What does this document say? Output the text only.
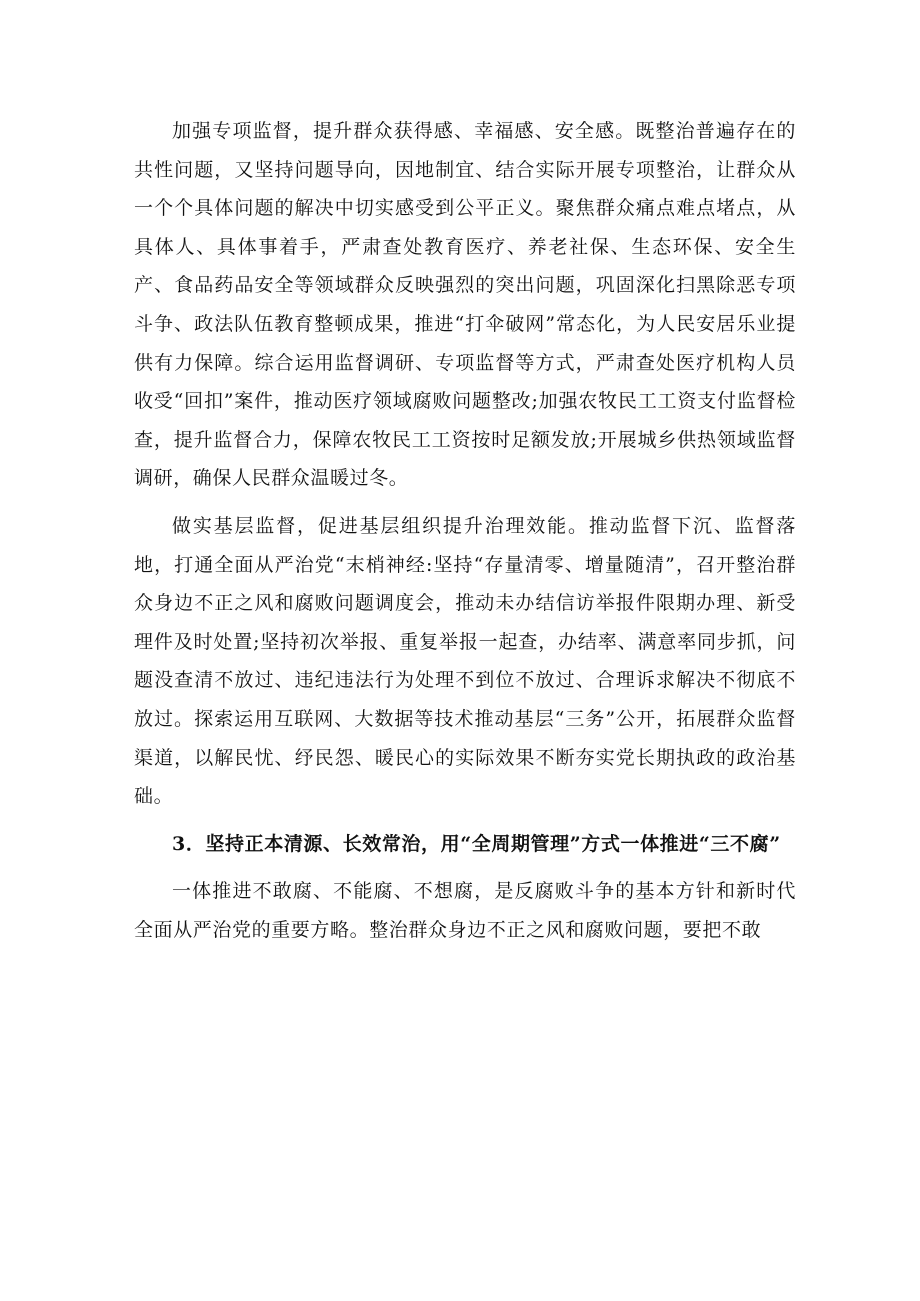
加强专项监督，提升群众获得感、幸福感、安全感。既整治普遍存在的共性问题，又坚持问题导向，因地制宜、结合实际开展专项整治，让群众从一个个具体问题的解决中切实感受到公平正义。聚焦群众痛点难点堵点，从具体人、具体事着手，严肃查处教育医疗、养老社保、生态环保、安全生产、食品药品安全等领域群众反映强烈的突出问题，巩固深化扫黑除恶专项斗争、政法队伍教育整顿成果，推进“打伞破网”常态化，为人民安居乐业提供有力保障。综合运用监督调研、专项监督等方式，严肃查处医疗机构人员收受“回扣”案件，推动医疗领域腐败问题整改;加强农牧民工工资支付监督检查，提升监督合力，保障农牧民工工资按时足额发放;开展城乡供热领域监督调研，确保人民群众温暖过冬。

做实基层监督，促进基层组织提升治理效能。推动监督下沉、监督落地，打通全面从严治党“末梢神经:坚持“存量清零、增量随清”，召开整治群众身边不正之风和腐败问题调度会，推动未办结信访举报件限期办理、新受理件及时处置;坚持初次举报、重复举报一起查，办结率、满意率同步抓，问题没查清不放过、违纪违法行为处理不到位不放过、合理诉求解决不彻底不放过。探索运用互联网、大数据等技术推动基层“三务”公开，拓展群众监督渠道，以解民忧、纾民怨、暖民心的实际效果不断夯实党长期执政的政治基础。

3．坚持正本清源、长效常治，用“全周期管理”方式一体推进“三不腐”

一体推进不敢腐、不能腐、不想腐，是反腐败斗争的基本方针和新时代全面从严治党的重要方略。整治群众身边不正之风和腐败问题，要把不敢
